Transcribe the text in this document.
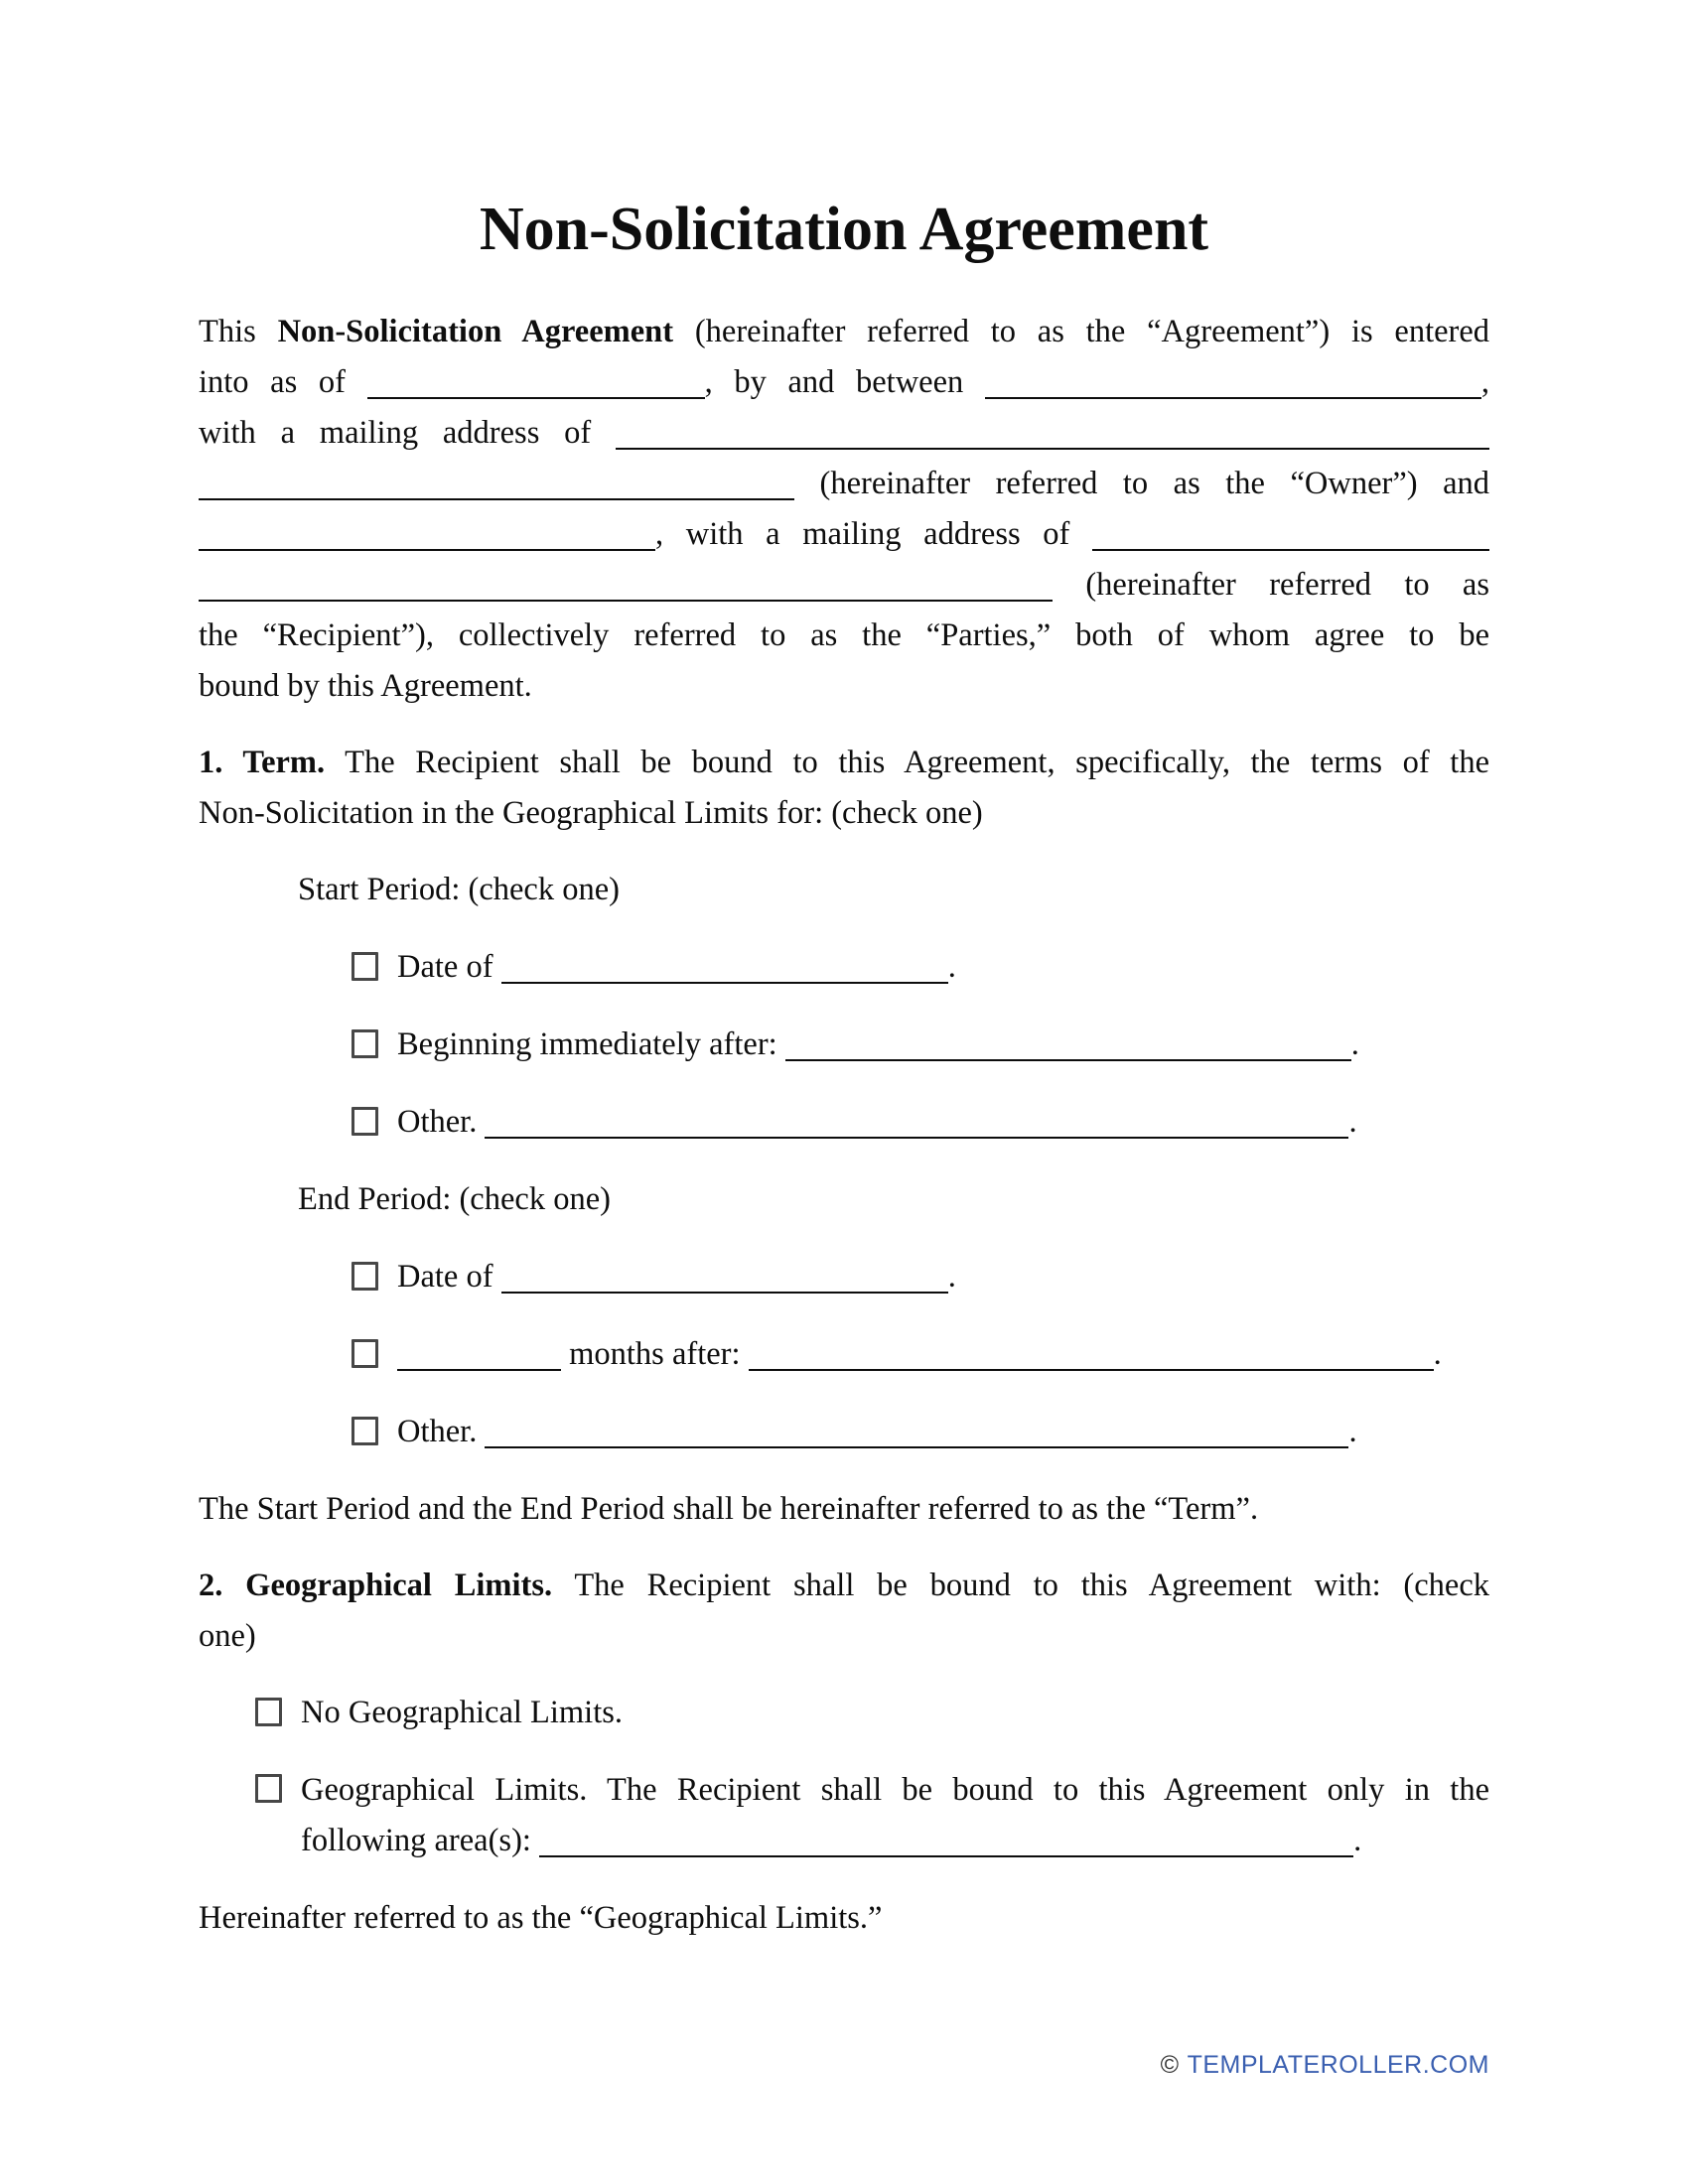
Non-Solicitation Agreement
This Non-Solicitation Agreement (hereinafter referred to as the “Agreement”) is entered
into as of	, by and between	,
with a mailing address of
(hereinafter referred to as the “Owner”) and
, with a mailing address of
(hereinafter referred to as
the “Recipient”), collectively referred to as the “Parties,” both of whom agree to be
bound by this Agreement.
1. Term. The Recipient shall be bound to this Agreement, specifically, the terms of the
Non-Solicitation in the Geographical Limits for: (check one)
Start Period: (check one)
Date of	.
Beginning immediately after:	.
Other.	.
End Period: (check one)
Date of	.
months after:	.
Other.	.
The Start Period and the End Period shall be hereinafter referred to as the “Term”.
2. Geographical Limits. The Recipient shall be bound to this Agreement with: (check
one)
No Geographical Limits.
Geographical Limits. The Recipient shall be bound to this Agreement only in the
following area(s):	.
Hereinafter referred to as the “Geographical Limits.”
© TEMPLATEROLLER.COM
